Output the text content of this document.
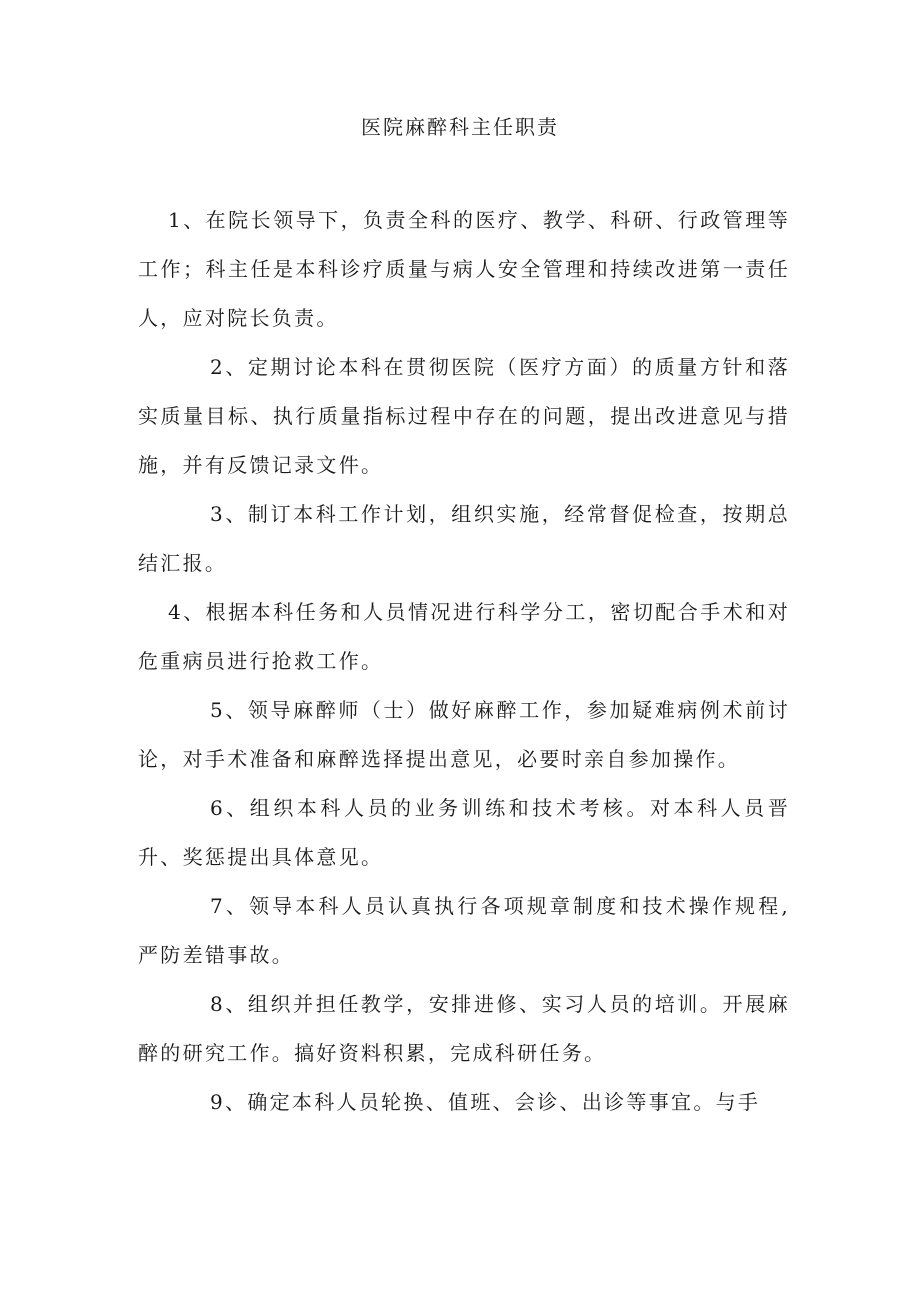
医院麻醉科主任职责
1、在院长领导下，负责全科的医疗、教学、科研、行政管理等工作；科主任是本科诊疗质量与病人安全管理和持续改进第一责任人，应对院长负责。
2、定期讨论本科在贯彻医院（医疗方面）的质量方针和落实质量目标、执行质量指标过程中存在的问题，提出改进意见与措施，并有反馈记录文件。
3、制订本科工作计划，组织实施，经常督促检查，按期总结汇报。
4、根据本科任务和人员情况进行科学分工，密切配合手术和对危重病员进行抢救工作。
5、领导麻醉师（士）做好麻醉工作，参加疑难病例术前讨论，对手术准备和麻醉选择提出意见，必要时亲自参加操作。
6、组织本科人员的业务训练和技术考核。对本科人员晋升、奖惩提出具体意见。
7、领导本科人员认真执行各项规章制度和技术操作规程,严防差错事故。
8、组织并担任教学，安排进修、实习人员的培训。开展麻醉的研究工作。搞好资料积累，完成科研任务。
9、确定本科人员轮换、值班、会诊、出诊等事宜。与手
